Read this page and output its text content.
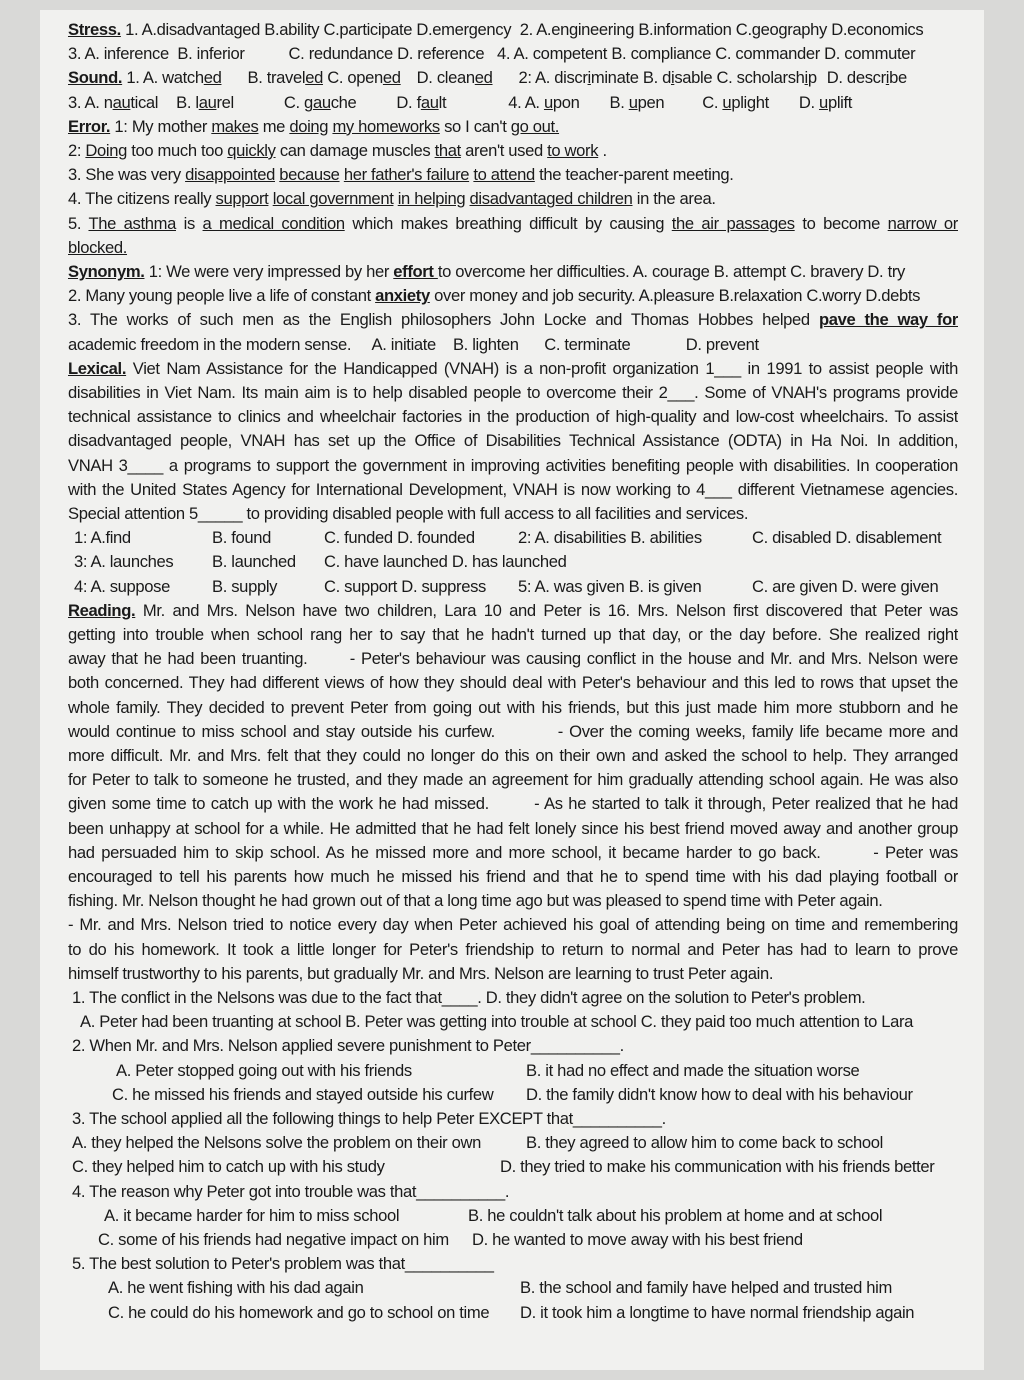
Stress. 1. A.disadvantaged B.ability C.participate D.emergency 2. A.engineering B.information C.geography D.economics
3. A. inference B. inferior	C. redundance D. reference 4. A. competent B. compliance C. commander D. commuter
Sound. 1. A. watched B. traveled C. opened D. cleaned 2: A. discriminate B. disable C. scholarship D. describe
3. A. nautical B. laurel	C. gauche D. fault	4. A. upon B. upen C. uplight D. uplift
Error. 1: My mother makes me doing my homeworks so I can't go out.
2: Doing too much too quickly can damage muscles that aren't used to work .
3. She was very disappointed because her father's failure to attend the teacher-parent meeting.
4. The citizens really support local government in helping disadvantaged children in the area.
5. The asthma is a medical condition which makes breathing difficult by causing the air passages to become narrow or
blocked.
Synonym. 1: We were very impressed by her effort to overcome her difficulties. A. courage B. attempt C. bravery D. try
2. Many young people live a life of constant anxiety over money and job security. A.pleasure B.relaxation C.worry D.debts
3. The works of such men as the English philosophers John Locke and Thomas Hobbes helped pave the way for
academic freedom in the modern sense.     A. initiate    B. lighten      C. terminate             D. prevent
Lexical. Viet Nam Assistance for the Handicapped (VNAH) is a non-profit organization 1___ in 1991 to assist people with
disabilities in Viet Nam. Its main aim is to help disabled people to overcome their 2___. Some of VNAH's programs provide
technical assistance to clinics and wheelchair factories in the production of high-quality and low-cost wheelchairs. To assist
disadvantaged people, VNAH has set up the Office of Disabilities Technical Assistance (ODTA) in Ha Noi. In addition,
VNAH 3____ a programs to support the government in improving activities benefiting people with disabilities. In cooperation
with the United States Agency for International Development, VNAH is now working to 4___ different Vietnamese agencies.
Special attention 5_____ to providing disabled people with full access to all facilities and services.
1: A.find	B. found	C. funded D. founded	2: A. disabilities B. abilities	C. disabled D. disablement
3: A. launches B. launched C. have launched D. has launched
4: A. suppose	B. supply	C. support D. suppress 5: A. was given B. is given	C. are given D. were given
Reading. Mr. and Mrs. Nelson have two children, Lara 10 and Peter is 16. Mrs. Nelson first discovered that Peter was
getting into trouble when school rang her to say that he hadn't turned up that day, or the day before. She realized right
away that he had been truanting.       - Peter's behaviour was causing conflict in the house and Mr. and Mrs. Nelson were
both concerned. They had different views of how they should deal with Peter's behaviour and this led to rows that upset the
whole family. They decided to prevent Peter from going out with his friends, but this just made him more stubborn and he
would continue to miss school and stay outside his curfew.          - Over the coming weeks, family life became more and
more difficult. Mr. and Mrs. felt that they could no longer do this on their own and asked the school to help. They arranged
for Peter to talk to someone he trusted, and they made an agreement for him gradually attending school again. He was also
given some time to catch up with the work he had missed.        - As he started to talk it through, Peter realized that he had
been unhappy at school for a while. He admitted that he had felt lonely since his best friend moved away and another group
had persuaded him to skip school. As he missed more and more school, it became harder to go back.        - Peter was
encouraged to tell his parents how much he missed his friend and that he to spend time with his dad playing football or
fishing. Mr. Nelson thought he had grown out of that a long time ago but was pleased to spend time with Peter again.
- Mr. and Mrs. Nelson tried to notice every day when Peter achieved his goal of attending being on time and remembering
to do his homework. It took a little longer for Peter's friendship to return to normal and Peter has had to learn to prove
himself trustworthy to his parents, but gradually Mr. and Mrs. Nelson are learning to trust Peter again.
1. The conflict in the Nelsons was due to the fact that____. D. they didn't agree on the solution to Peter's problem.
A. Peter had been truanting at school B. Peter was getting into trouble at school C. they paid too much attention to Lara
2. When Mr. and Mrs. Nelson applied severe punishment to Peter__________.
A. Peter stopped going out with his friends	B. it had no effect and made the situation worse
C. he missed his friends and stayed outside his curfew D. the family didn't know how to deal with his behaviour
3. The school applied all the following things to help Peter EXCEPT that__________.
A. they helped the Nelsons solve the problem on their own	B. they agreed to allow him to come back to school
C. they helped him to catch up with his study	D. they tried to make his communication with his friends better
4. The reason why Peter got into trouble was that__________.
A. it became harder for him to miss school	B. he couldn't talk about his problem at home and at school
C. some of his friends had negative impact on him D. he wanted to move away with his best friend
5. The best solution to Peter's problem was that__________
A. he went fishing with his dad again	B. the school and family have helped and trusted him
C. he could do his homework and go to school on time D. it took him a longtime to have normal friendship again
